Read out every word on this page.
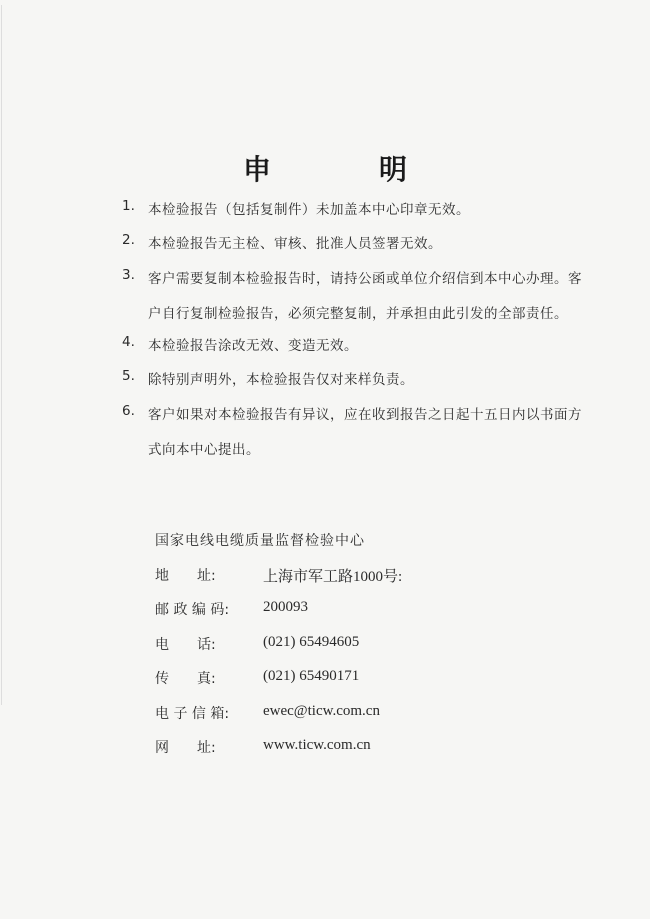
申　明
1. 本检验报告（包括复制件）未加盖本中心印章无效。
2. 本检验报告无主检、审核、批准人员签署无效。
3. 客户需要复制本检验报告时，请持公函或单位介绍信到本中心办理。客
户自行复制检验报告，必须完整复制，并承担由此引发的全部责任。
4. 本检验报告涂改无效、变造无效。
5. 除特别声明外，本检验报告仅对来样负责。
6. 客户如果对本检验报告有异议，应在收到报告之日起十五日内以书面方
式向本中心提出。
国家电线电缆质量监督检验中心
地　　址:	上海市军工路1000号:
邮 政 编 码:	200093
电　　话:	(021) 65494605
传　　真:	(021) 65490171
电 子 信 箱:	ewec@ticw.com.cn
网　　址:	www.ticw.com.cn
